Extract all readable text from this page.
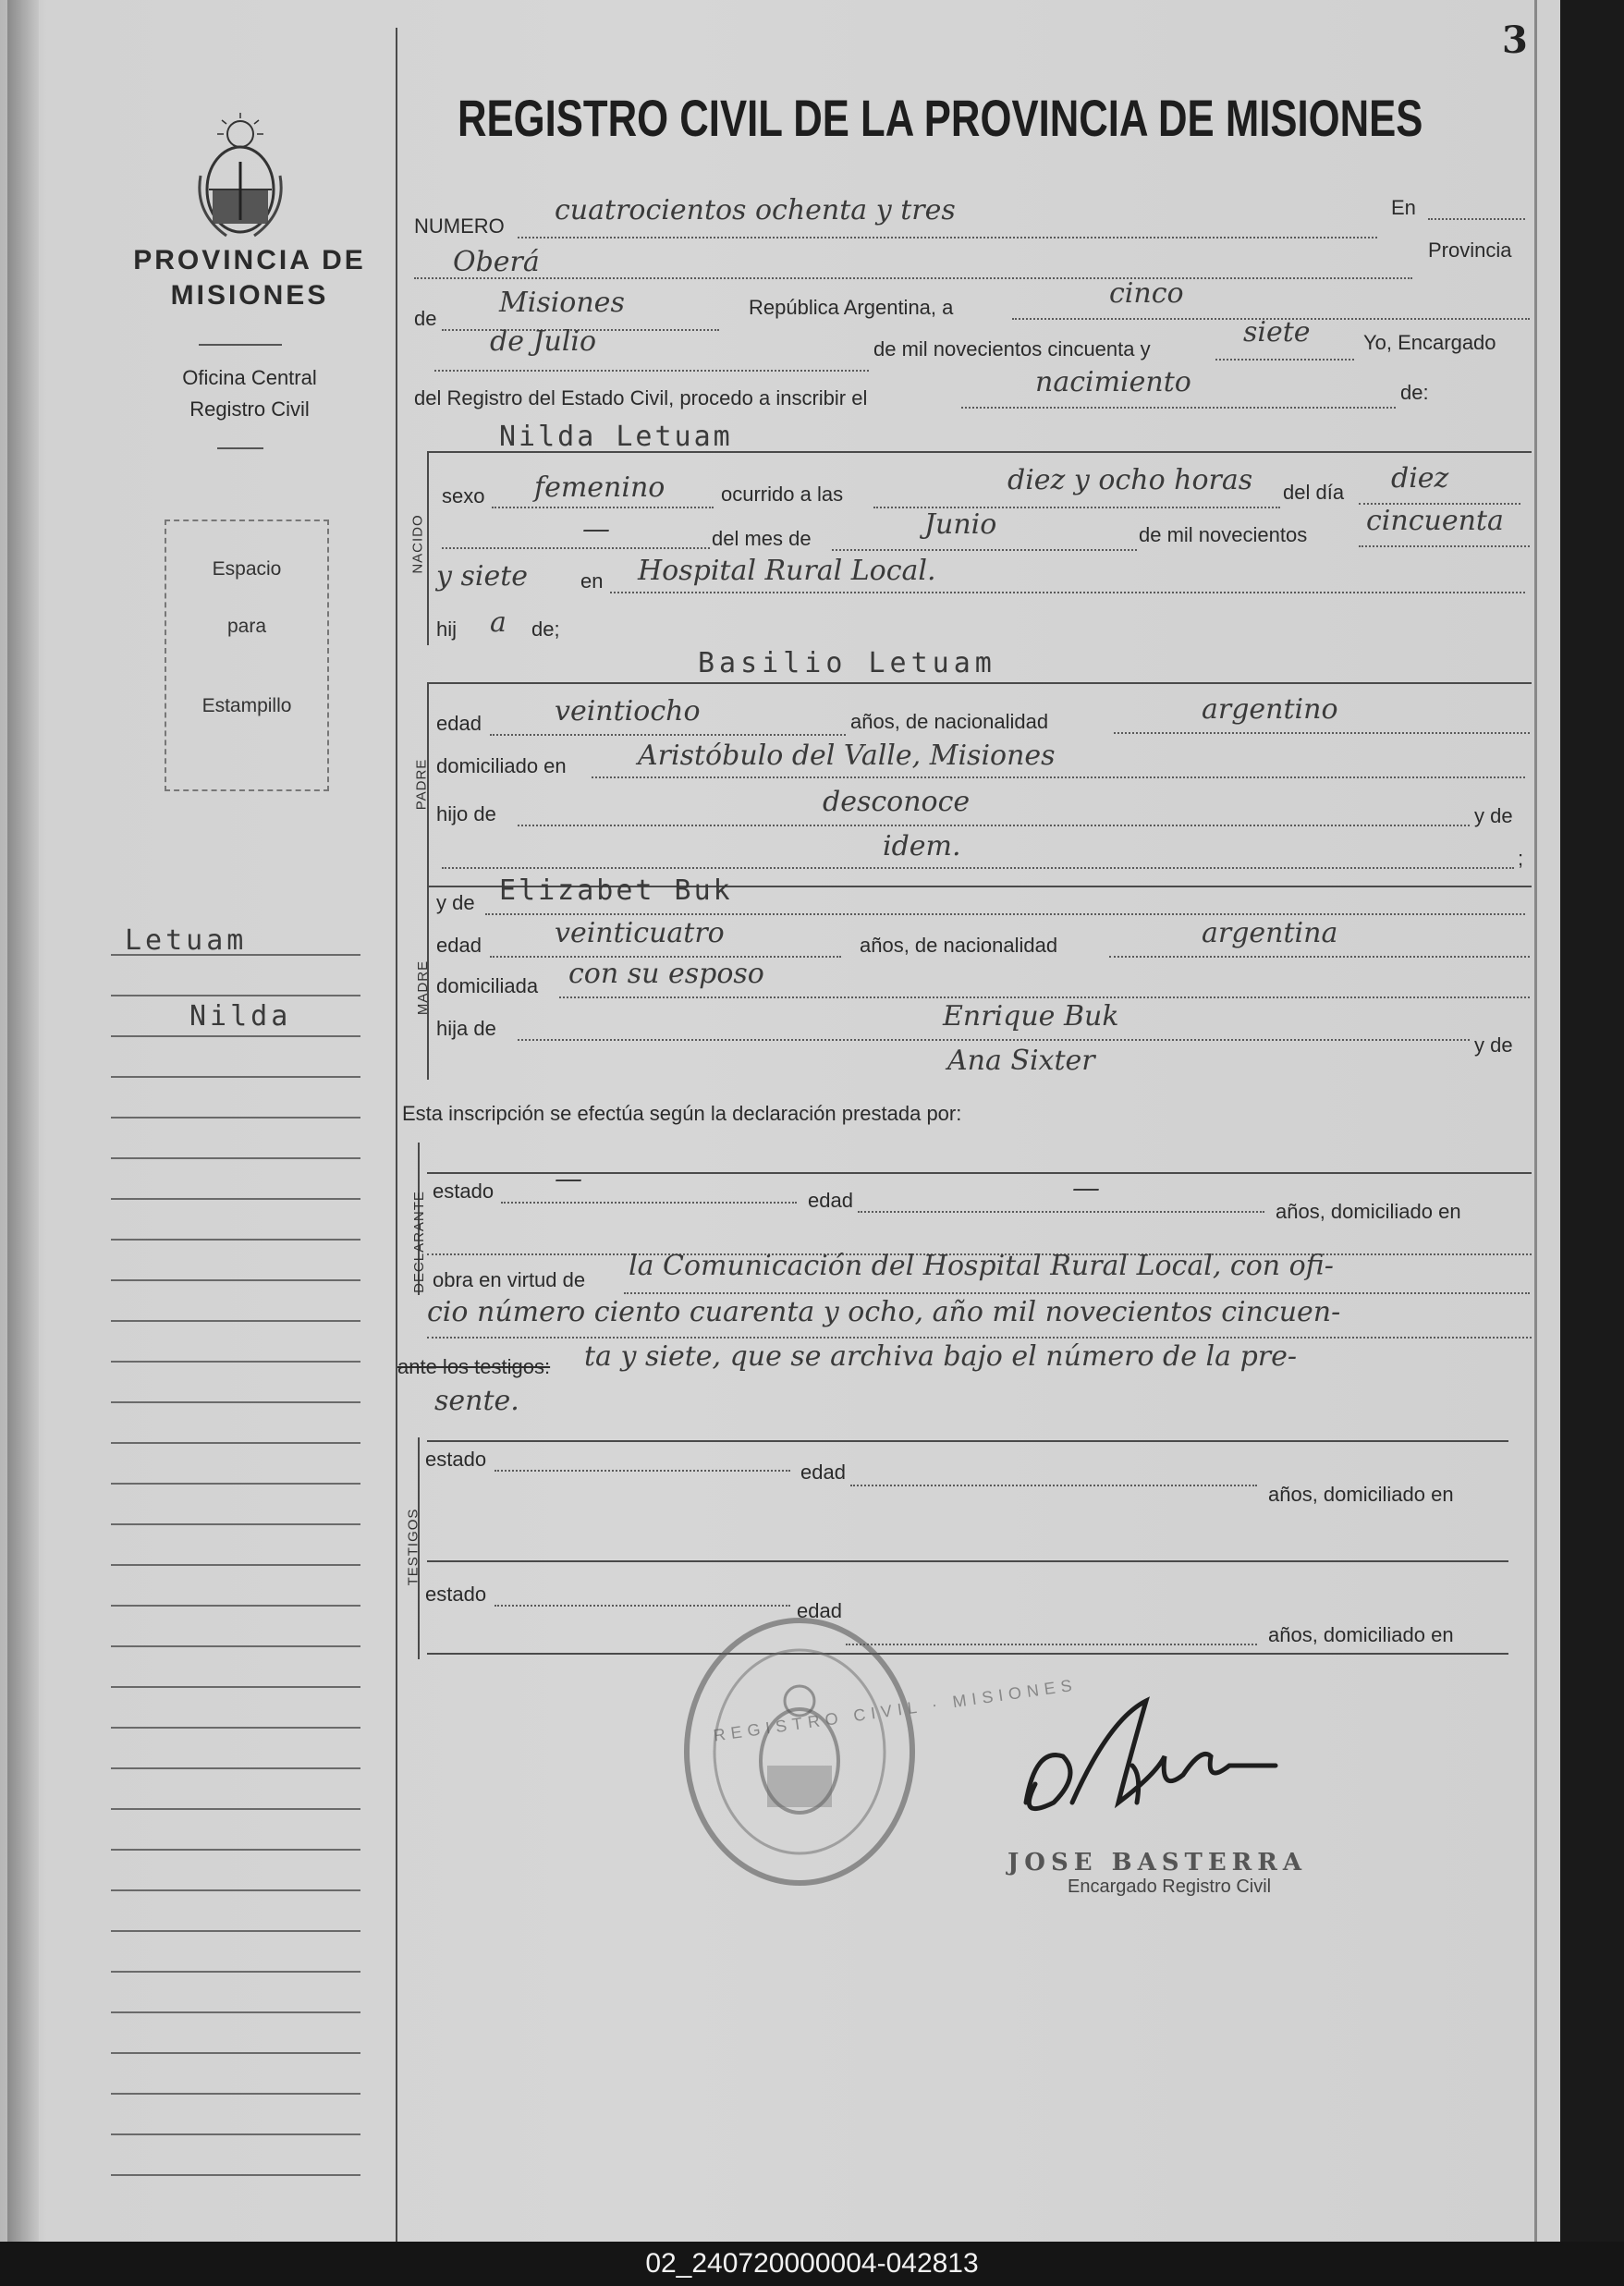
3
PROVINCIA DE
MISIONES
Oficina Central
Registro Civil
Espacio
para
Estampillo
Letuam
Nilda
REGISTRO CIVIL DE LA PROVINCIA DE MISIONES
NUMERO cuatrocientos ochenta y tres	En
Oberá	Provincia
de Misiones	República Argentina, a	cinco
de Julio	de mil novecientos cincuenta y
siete	Yo, Encargado
del Registro del Estado Civil, procedo a inscribir el	nacimiento	de:
Nilda Letuam
NACIDO
sexo femenino	ocurrido a las	diez y ocho horas del día diez
—	del mes de	Junio	de mil novecientos cincuenta
y siete	en Hospital Rural Local.
hij a de;
Basilio Letuam
PADRE
edad	veintiocho	años, de nacionalidad	argentino
domiciliado en	Aristóbulo del Valle, Misiones
hijo de	desconoce	y de
idem.	;
MADRE
y de Elizabet Buk
edad	veinticuatro	años, de nacionalidad	argentina
domiciliada con su esposo
hija de	Enrique Buk
y de
Ana Sixter
Esta inscripción se efectúa según la declaración prestada por:
DECLARANTE estado —
edad	—
años, domiciliado en
obra en virtud de la Comunicación del Hospital Rural Local, con ofi-
cio número ciento cuarenta y ocho, año mil novecientos cincuen-
ante los testigos: ta y siete, que se archiva bajo el número de la pre-
sente.
TESTIGOS
estado
edad
años, domiciliado en
estado
edad
años, domiciliado en
REGISTRO CIVIL · MISIONES
JOSE BASTERRA
Encargado Registro Civil
02_240720000004-042813
